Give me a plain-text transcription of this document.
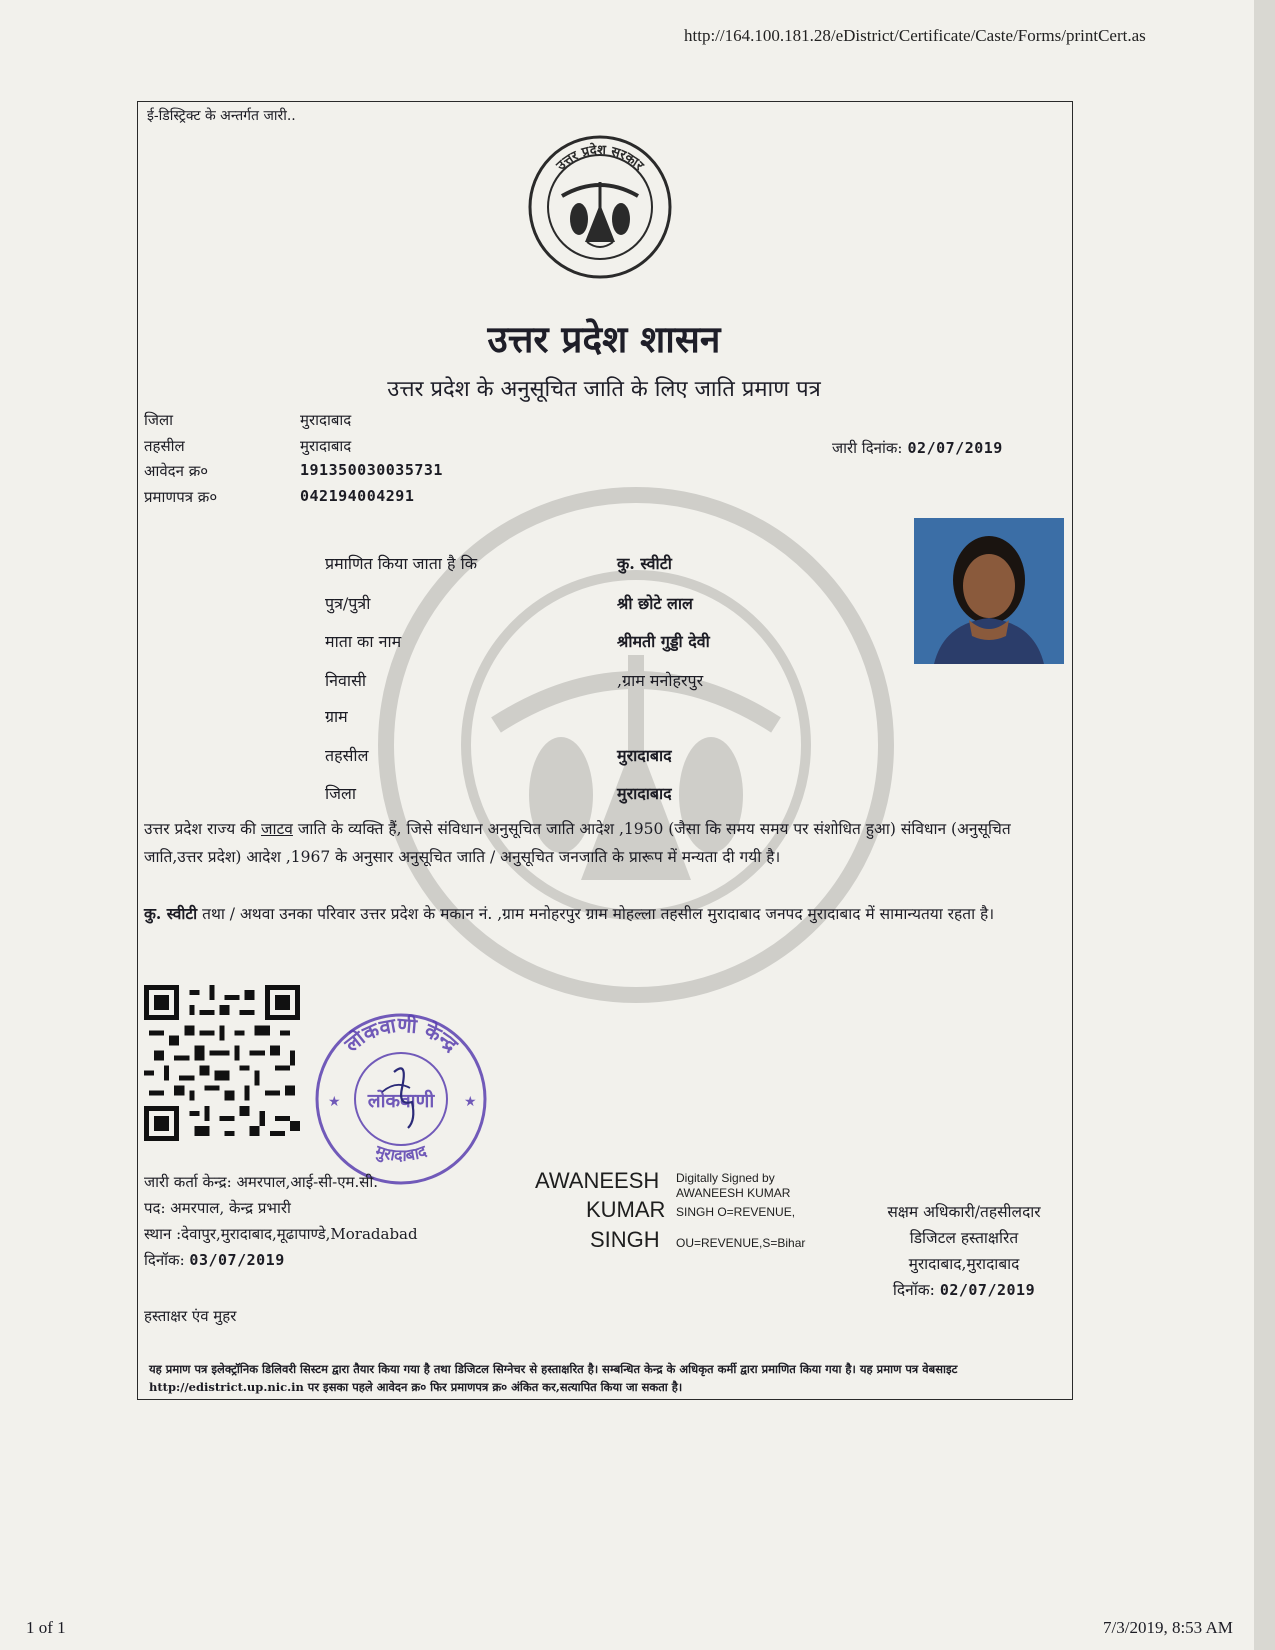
http://164.100.181.28/eDistrict/Certificate/Caste/Forms/printCert.as
ई-डिस्ट्रिक्ट के अन्तर्गत जारी..
उत्तर प्रदेश सरकार
उत्तर प्रदेश शासन
उत्तर प्रदेश के अनुसूचित जाति के लिए जाति प्रमाण पत्र
जिला	मुरादाबाद
तहसील	मुरादाबाद
आवेदन क्र०	191350030035731
प्रमाणपत्र क्र०	042194004291
जारी दिनांक: 02/07/2019
प्रमाणित किया जाता है कि	कु. स्वीटी
पुत्र/पुत्री	श्री छोटे लाल
माता का नाम	श्रीमती गुड्डी देवी
निवासी	,ग्राम मनोहरपुर
ग्राम
तहसील	मुरादाबाद
जिला	मुरादाबाद
उत्तर प्रदेश राज्य की जाटव जाति के व्यक्ति हैं, जिसे संविधान अनुसूचित जाति आदेश ,1950 (जैसा कि समय समय पर संशोधित हुआ) संविधान (अनुसूचित जाति,उत्तर प्रदेश) आदेश ,1967 के अनुसार अनुसूचित जाति / अनुसूचित जनजाति के प्रारूप में मन्यता दी गयी है।
कु. स्वीटी तथा / अथवा उनका परिवार उत्तर प्रदेश के मकान नं. ,ग्राम मनोहरपुर ग्राम मोहल्ला तहसील मुरादाबाद जनपद मुरादाबाद में सामान्यतया रहता है।
लोकवाणी केन्द्र
मुरादाबाद
लोकवाणी
★	★
जारी कर्ता केन्द्र: अमरपाल,आई-सी-एम.सी.
पद: अमरपाल, केन्द्र प्रभारी
स्थान :देवापुर,मुरादाबाद,मूढापाण्डे,Moradabad
दिनॉक: 03/07/2019
हस्ताक्षर एंव मुहर
AWANEESH
KUMAR
SINGH
Digitally Signed by
AWANEESH KUMAR
SINGH O=REVENUE,
OU=REVENUE,S=Bihar
सक्षम अधिकारी/तहसीलदार
डिजिटल हस्ताक्षरित
मुरादाबाद,मुरादाबाद
दिनॉक: 02/07/2019
यह प्रमाण पत्र इलेक्ट्रॉनिक डिलिवरी सिस्टम द्वारा तैयार किया गया है तथा डिजिटल सिग्नेचर से हस्ताक्षरित है। सम्बन्धित केन्द्र के अधिकृत कर्मी द्वारा प्रमाणित किया गया है। यह प्रमाण पत्र वेबसाइट http://edistrict.up.nic.in पर इसका पहले आवेदन क्र० फिर प्रमाणपत्र क्र० अंकित कर,सत्यापित किया जा सकता है।
1 of 1	7/3/2019, 8:53 AM
